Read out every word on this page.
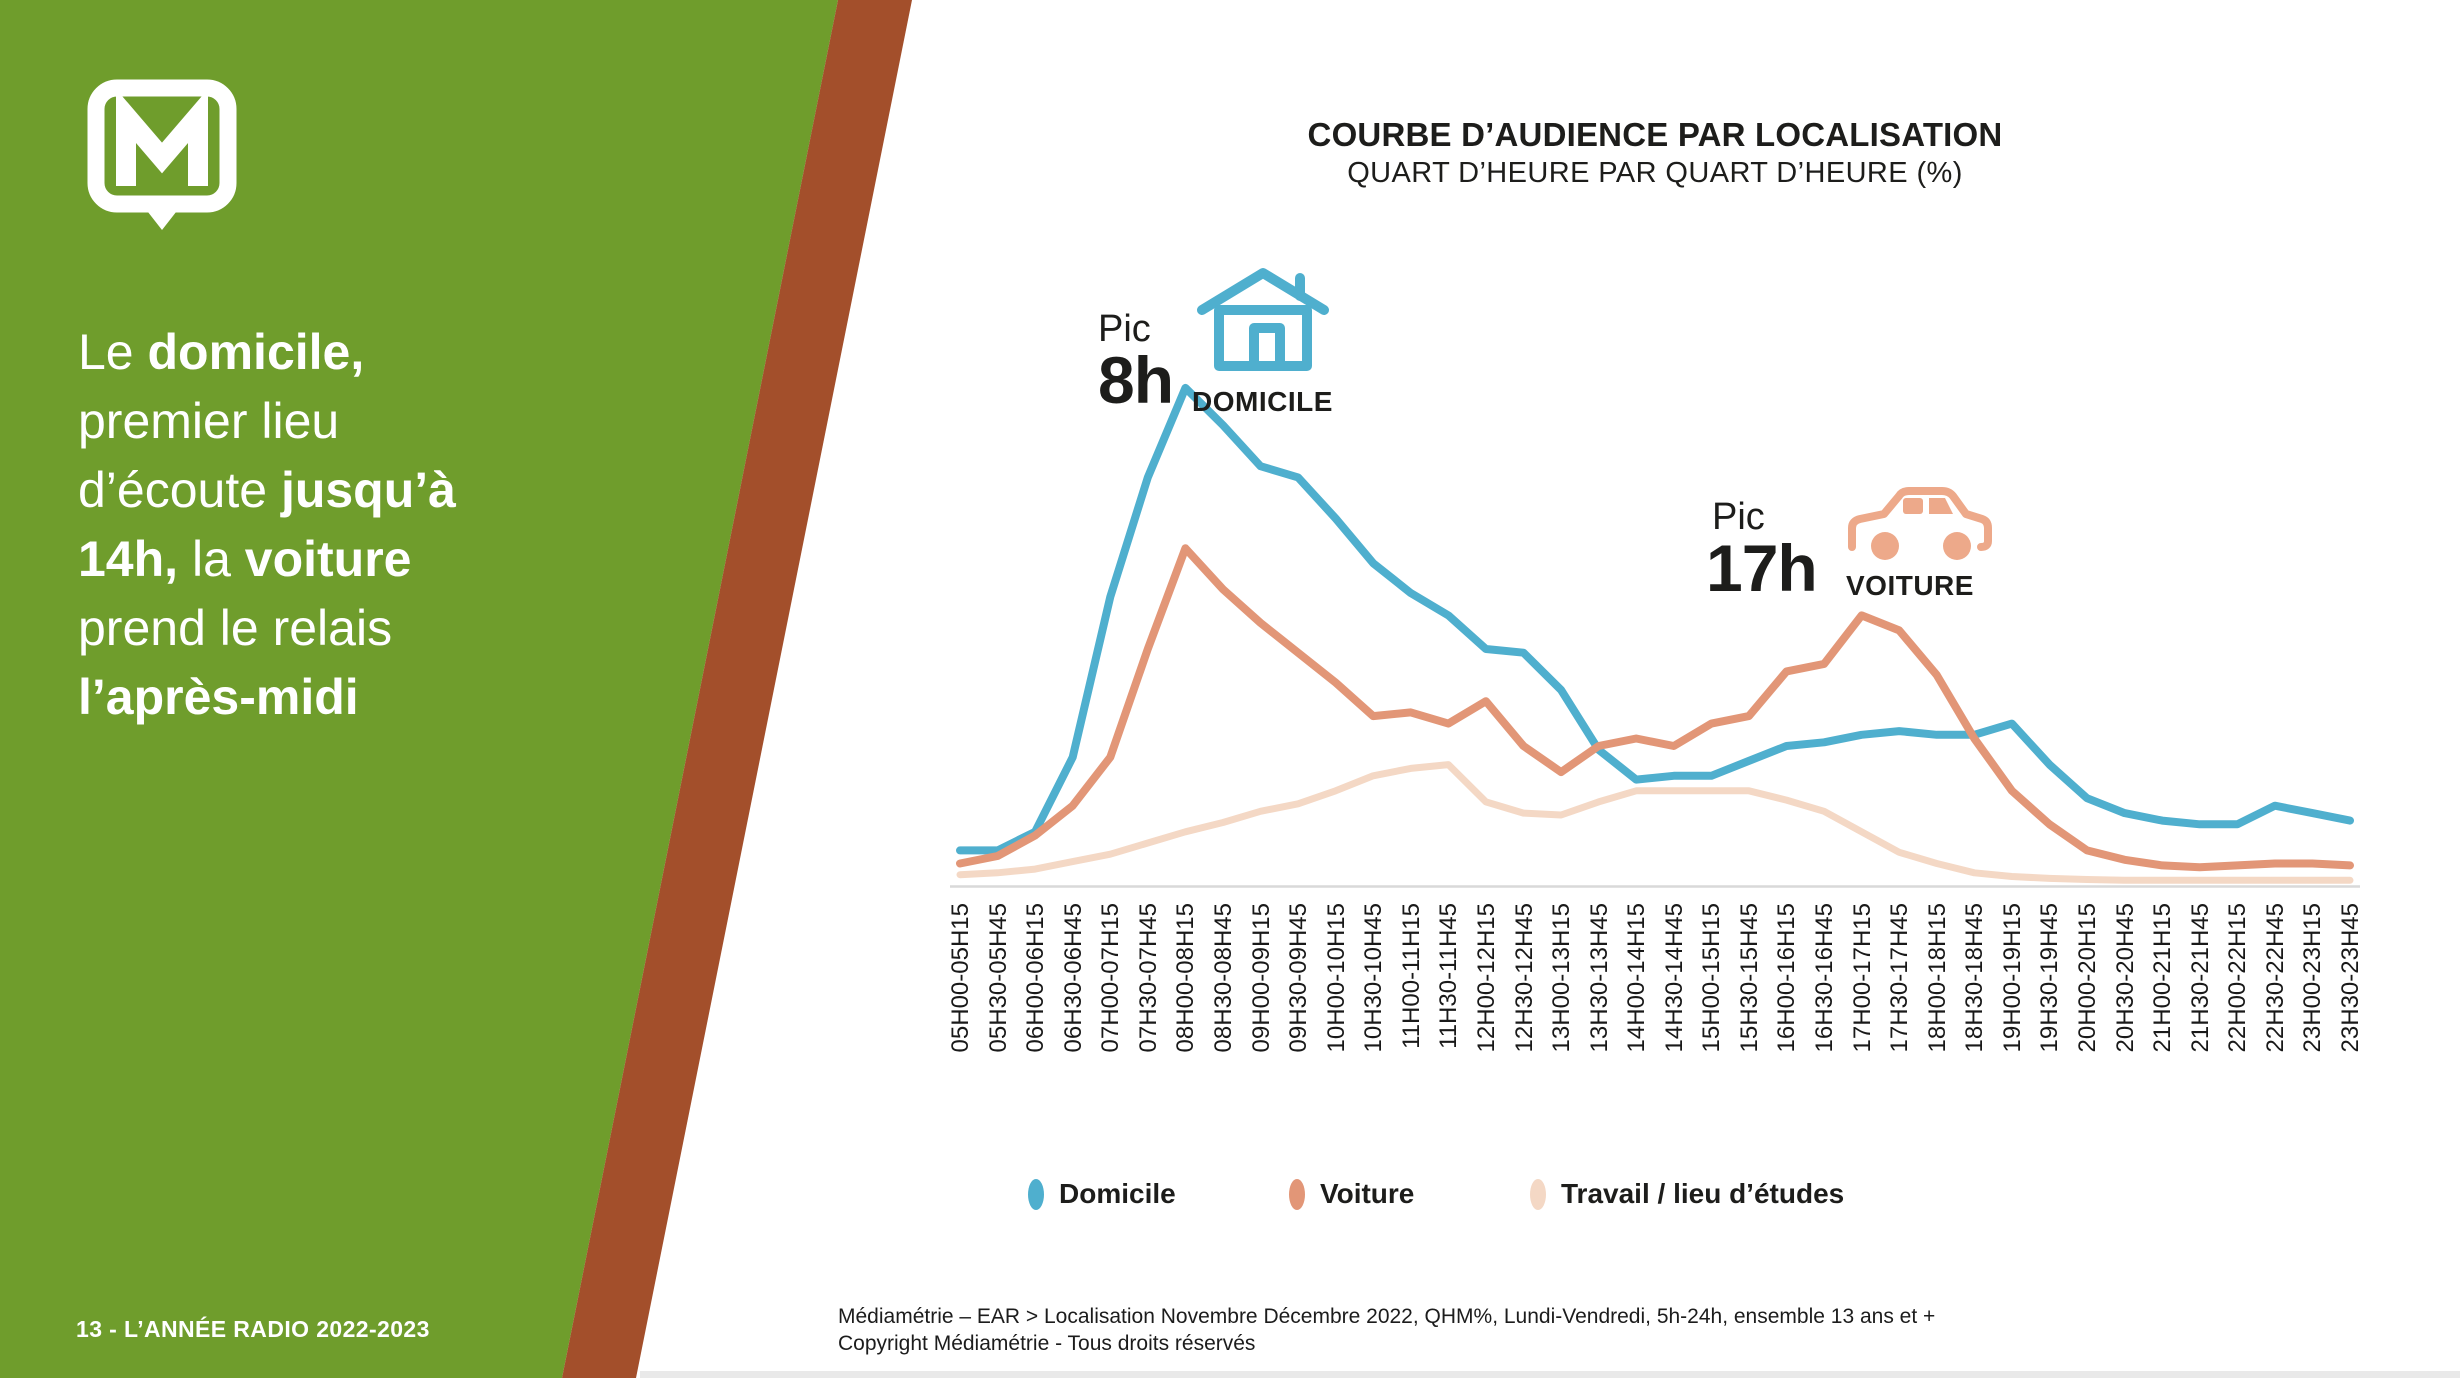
Le domicile,
premier lieu
d’écoute jusqu’à
14h, la voiture
prend le relais
l’après-midi
13 - L’ANNÉE RADIO 2022-2023
COURBE D’AUDIENCE PAR LOCALISATION
QUART D’HEURE PAR QUART D’HEURE (%)
Pic
8h DOMICILE
Pic
17h VOITURE
05H00-05H15 05H30-05H45 06H00-06H15 06H30-06H45 07H00-07H15 07H30-07H45 08H00-08H15 08H30-08H45 09H00-09H15 09H30-09H45 10H00-10H15 10H30-10H45 11H00-11H15 11H30-11H45 12H00-12H15 12H30-12H45 13H00-13H15 13H30-13H45 14H00-14H15 14H30-14H45 15H00-15H15 15H30-15H45 16H00-16H15 16H30-16H45 17H00-17H15 17H30-17H45 18H00-18H15 18H30-18H45 19H00-19H15 19H30-19H45 20H00-20H15 20H30-20H45 21H00-21H15 21H30-21H45 22H00-22H15 22H30-22H45 23H00-23H15 23H30-23H45
Domicile	Voiture	Travail / lieu d’études
Médiamétrie – EAR > Localisation Novembre Décembre 2022, QHM%, Lundi-Vendredi, 5h-24h, ensemble 13 ans et +
Copyright Médiamétrie - Tous droits réservés
